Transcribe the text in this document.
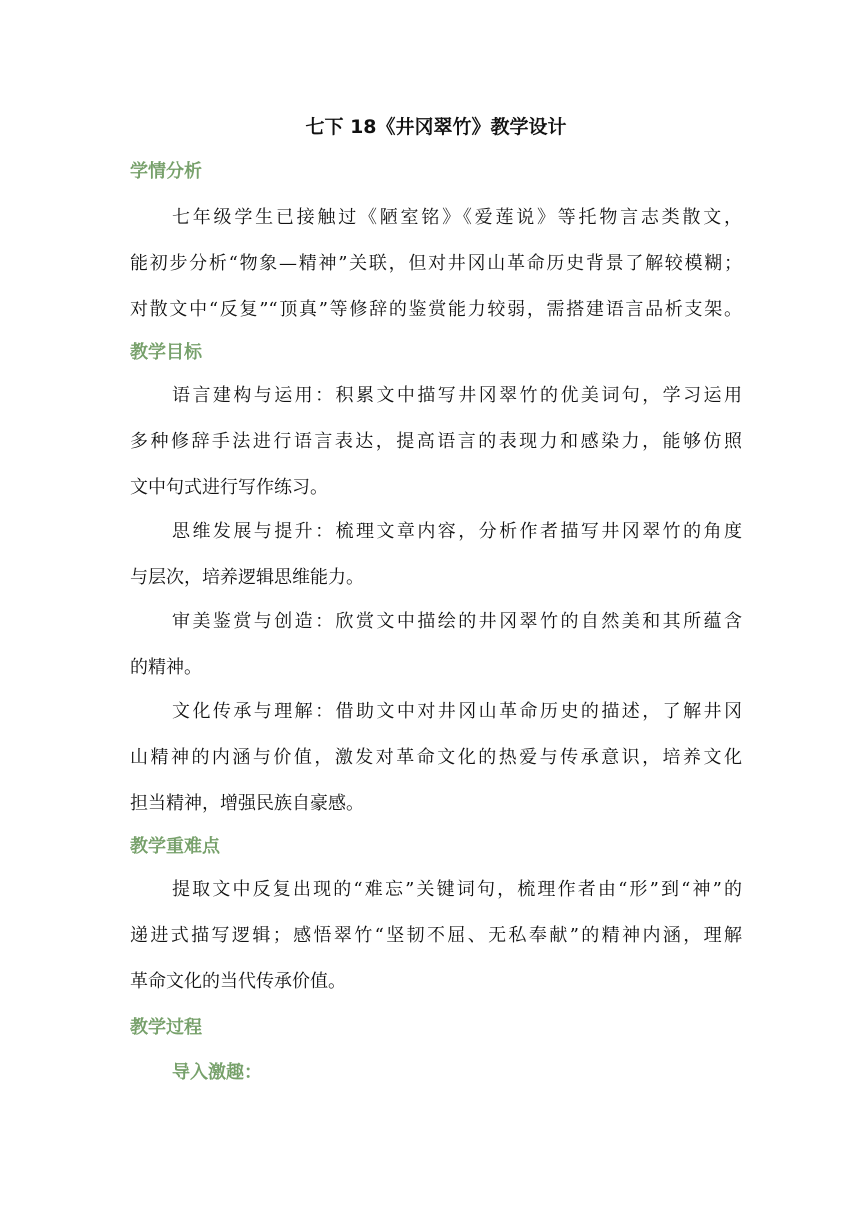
七下 18《井冈翠竹》教学设计
学情分析
七年级学生已接触过《陋室铭》《爱莲说》等托物言志类散文，
能初步分析“物象—精神”关联，但对井冈山革命历史背景了解较模糊；
对散文中“反复”“顶真”等修辞的鉴赏能力较弱，需搭建语言品析支架。
教学目标
语言建构与运用：积累文中描写井冈翠竹的优美词句，学习运用
多种修辞手法进行语言表达，提高语言的表现力和感染力，能够仿照
文中句式进行写作练习。
思维发展与提升：梳理文章内容，分析作者描写井冈翠竹的角度
与层次，培养逻辑思维能力。
审美鉴赏与创造：欣赏文中描绘的井冈翠竹的自然美和其所蕴含
的精神。
文化传承与理解：借助文中对井冈山革命历史的描述，了解井冈
山精神的内涵与价值，激发对革命文化的热爱与传承意识，培养文化
担当精神，增强民族自豪感。
教学重难点
提取文中反复出现的“难忘”关键词句，梳理作者由“形”到“神”的
递进式描写逻辑；感悟翠竹“坚韧不屈、无私奉献”的精神内涵，理解
革命文化的当代传承价值。
教学过程
导入激趣：
